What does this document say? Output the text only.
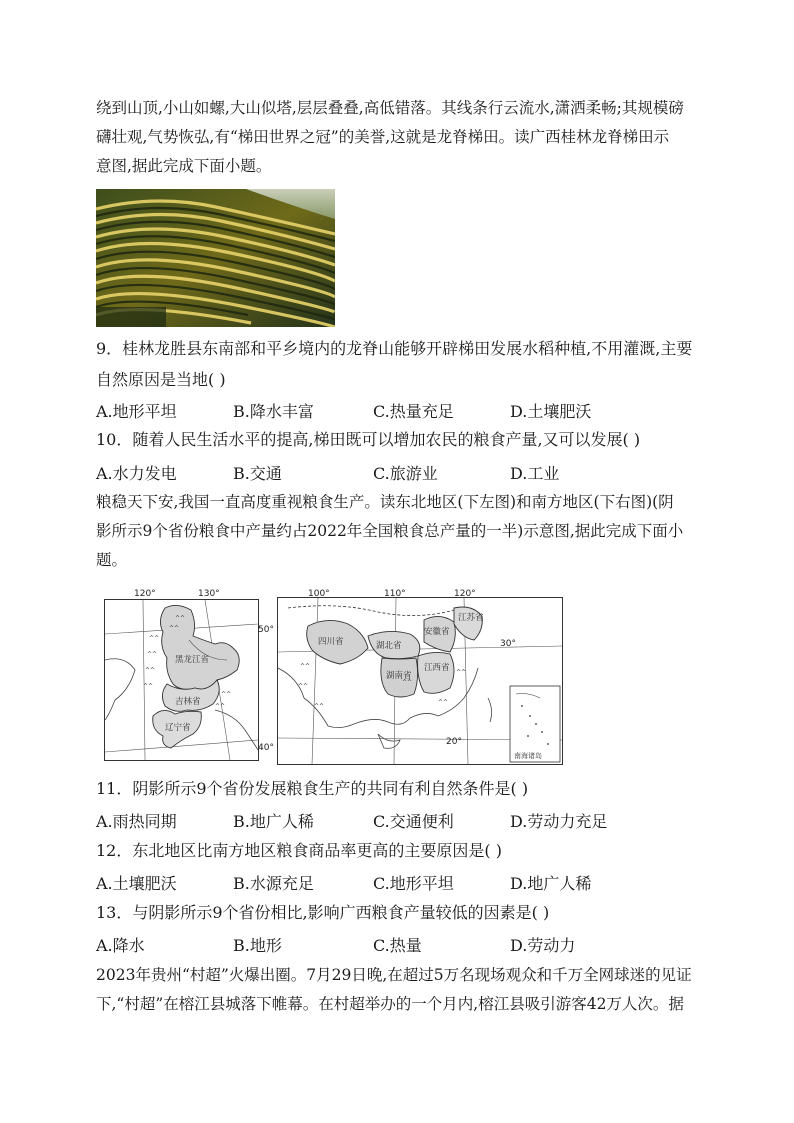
绕到山顶,小山如螺,大山似塔,层层叠叠,高低错落。其线条行云流水,潇洒柔畅;其规模磅
礴壮观,气势恢弘,有“梯田世界之冠”的美誉,这就是龙脊梯田。读广西桂林龙脊梯田示
意图,据此完成下面小题。
9．桂林龙胜县东南部和平乡境内的龙脊山能够开辟梯田发展水稻种植,不用灌溉,主要
自然原因是当地( )
A.地形平坦	B.降水丰富	C.热量充足	D.土壤肥沃
10．随着人民生活水平的提高,梯田既可以增加农民的粮食产量,又可以发展( )
A.水力发电	B.交通	C.旅游业	D.工业
粮稳天下安,我国一直高度重视粮食生产。读东北地区(下左图)和南方地区(下右图)(阴
影所示9个省份粮食中产量约占2022年全国粮食总产量的一半)示意图,据此完成下面小
题。
^^
^^
^^
^^
^^
^^
^^
^^
黑龙江省
吉林省
辽宁省
120°	130°
50°
40°
^^
^^
^^
^^
^^
^^
四川省	湖北省
湖南省
江西省
安徽省
江苏省
南海诸岛
100°	110°	120°
30°
20°
11．阴影所示9个省份发展粮食生产的共同有利自然条件是( )
A.雨热同期	B.地广人稀	C.交通便利	D.劳动力充足
12．东北地区比南方地区粮食商品率更高的主要原因是( )
A.土壤肥沃	B.水源充足	C.地形平坦	D.地广人稀
13．与阴影所示9个省份相比,影响广西粮食产量较低的因素是( )
A.降水	B.地形	C.热量	D.劳动力
2023年贵州“村超”火爆出圈。7月29日晚,在超过5万名现场观众和千万全网球迷的见证
下,“村超”在榕江县城落下帷幕。在村超举办的一个月内,榕江县吸引游客42万人次。据
